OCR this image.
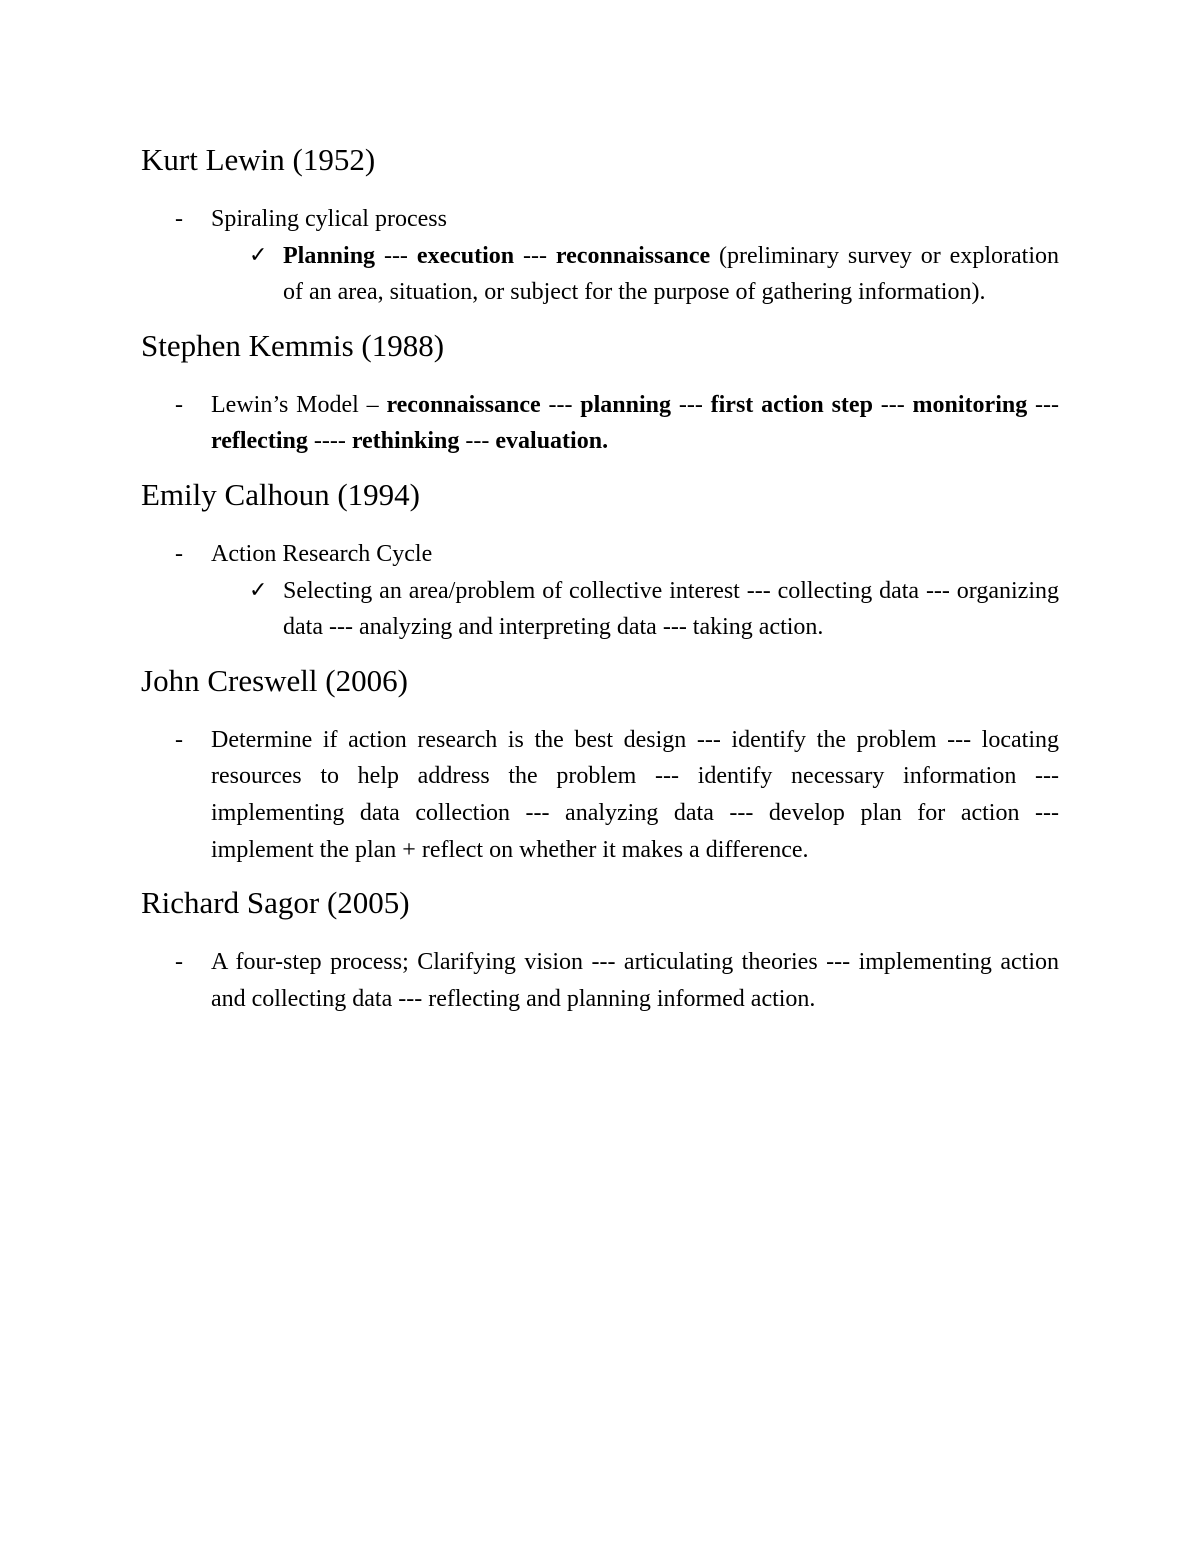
Kurt Lewin (1952)
- Spiraling cylical process
✓ Planning --- execution --- reconnaissance (preliminary survey or exploration of an area, situation, or subject for the purpose of gathering information).
Stephen Kemmis (1988)
- Lewin’s Model – reconnaissance --- planning --- first action step --- monitoring --- reflecting ---- rethinking --- evaluation.
Emily Calhoun (1994)
- Action Research Cycle
✓ Selecting an area/problem of collective interest --- collecting data --- organizing data --- analyzing and interpreting data --- taking action.
John Creswell (2006)
- Determine if action research is the best design --- identify the problem --- locating resources to help address the problem --- identify necessary information --- implementing data collection --- analyzing data --- develop plan for action --- implement the plan + reflect on whether it makes a difference.
Richard Sagor (2005)
- A four-step process; Clarifying vision --- articulating theories --- implementing action and collecting data --- reflecting and planning informed action.
